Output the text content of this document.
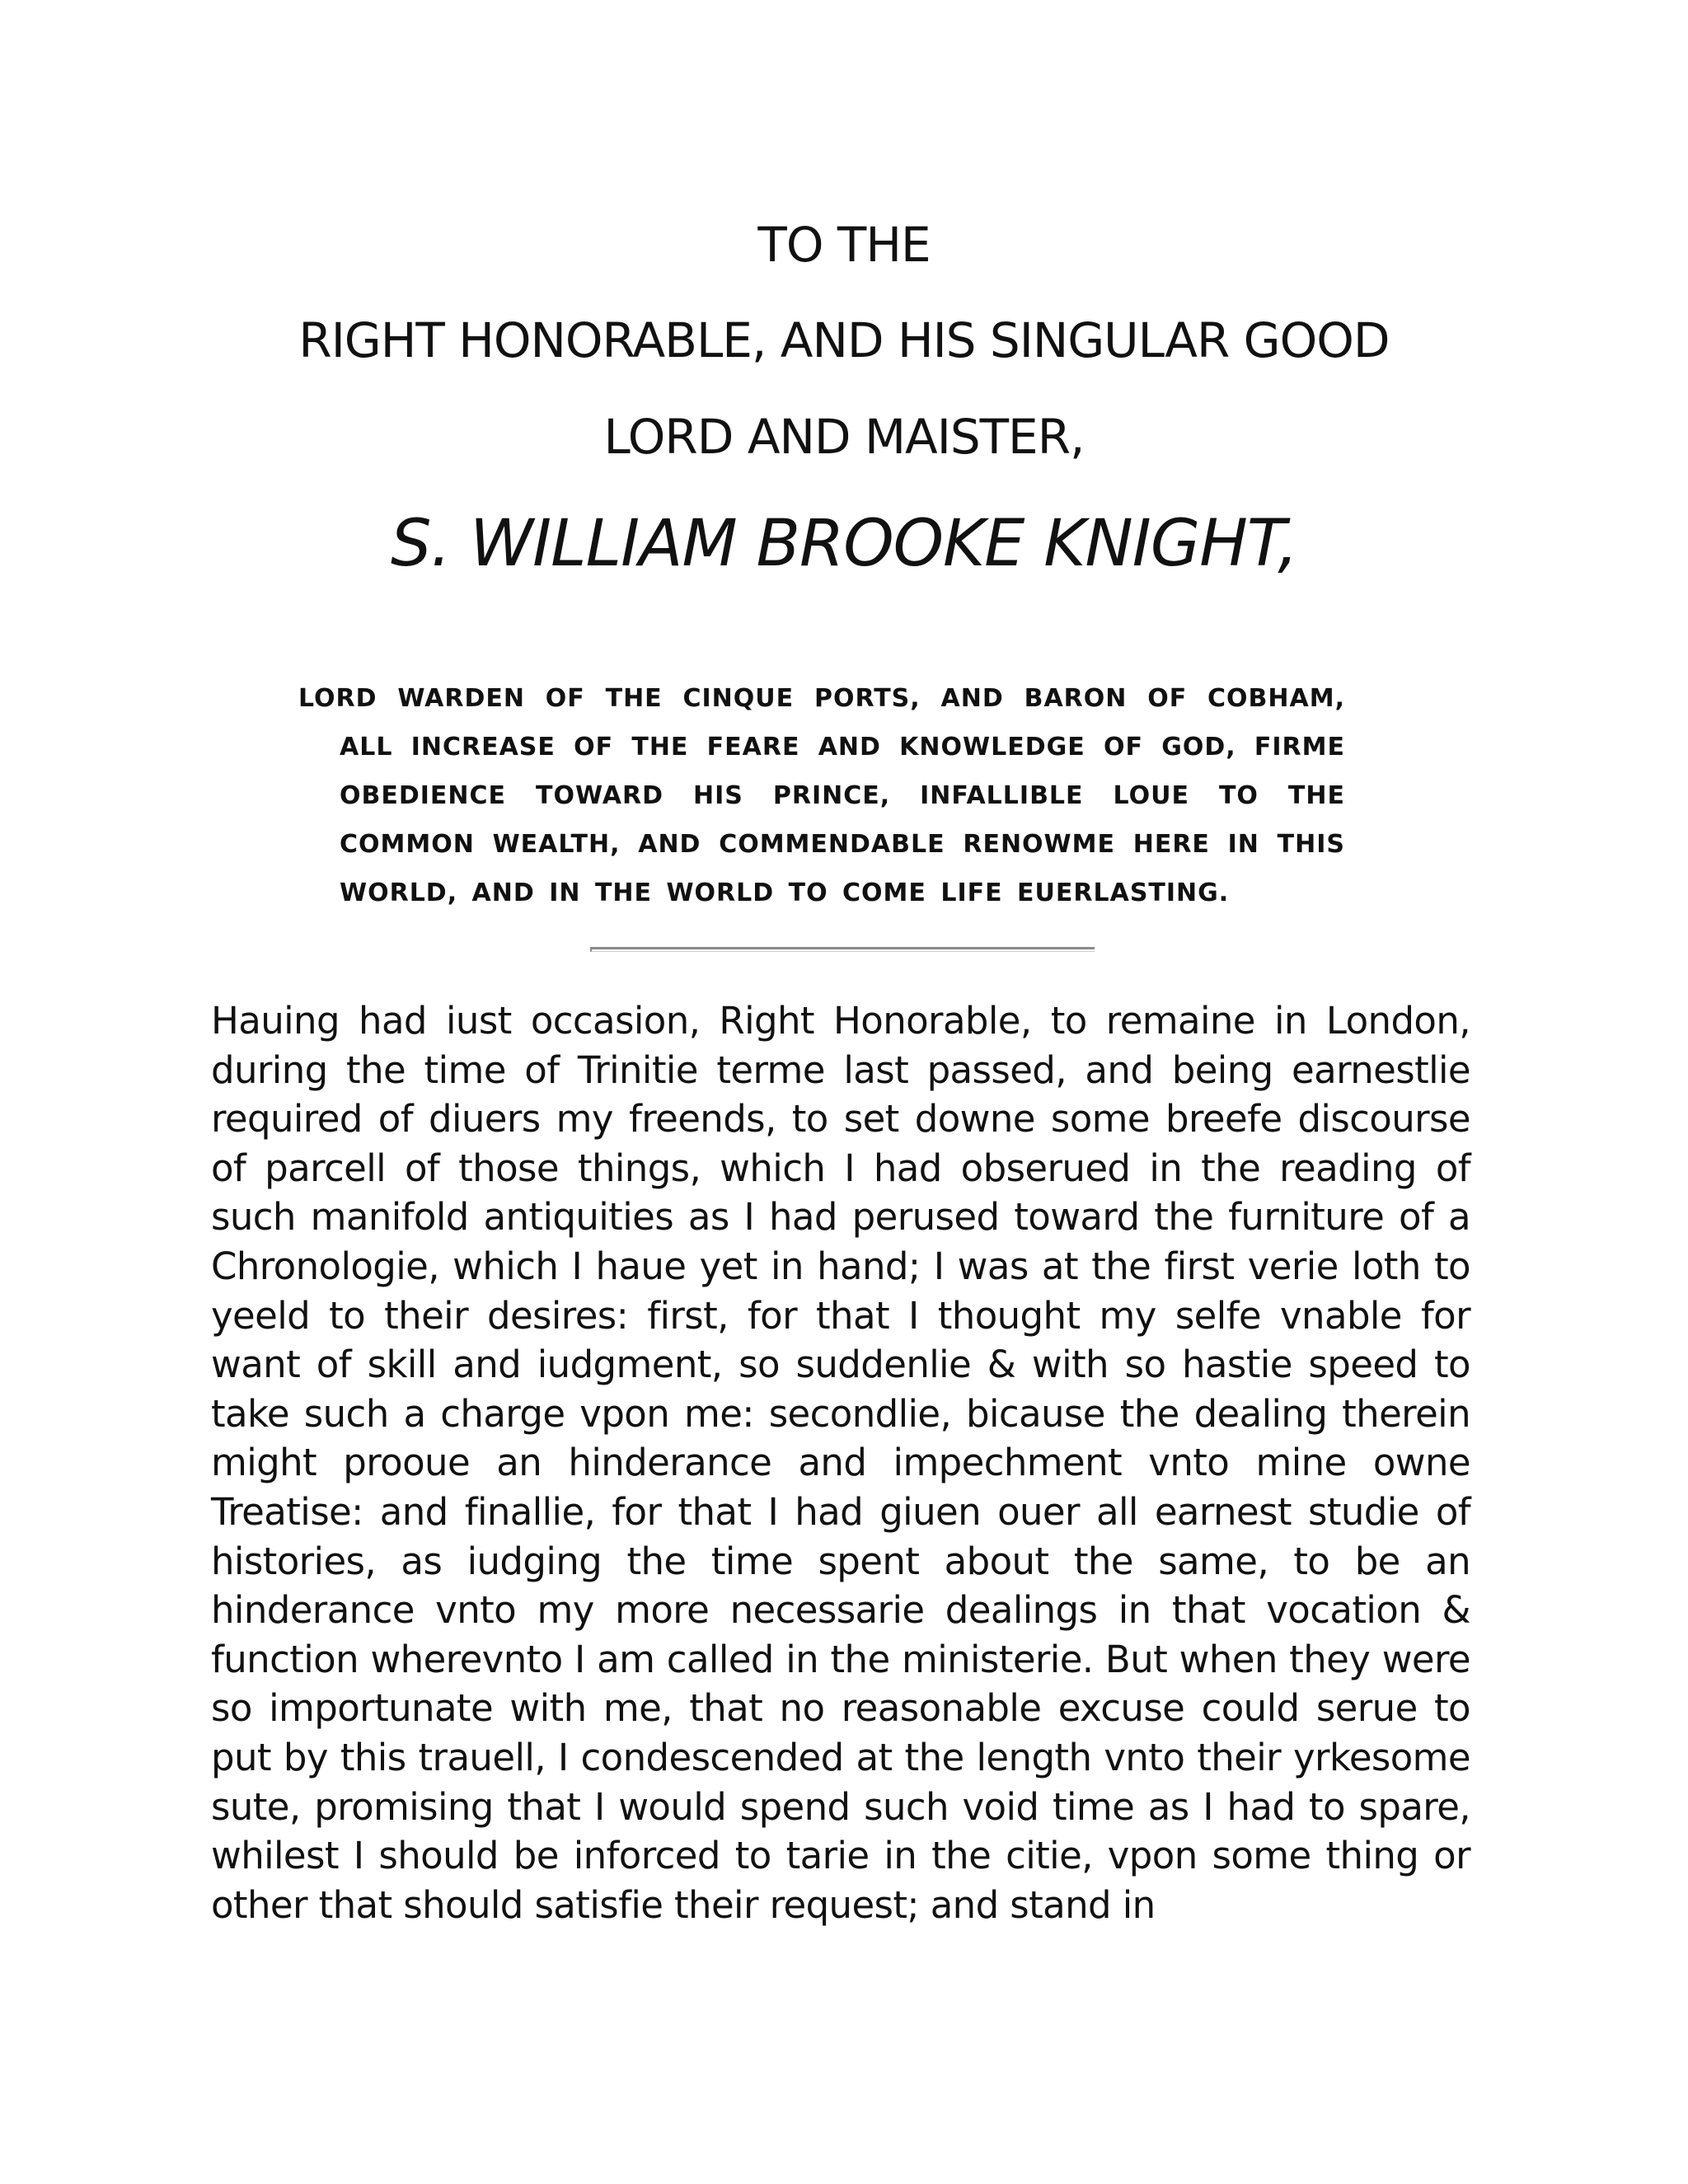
TO THE
RIGHT HONORABLE, AND HIS SINGULAR GOOD
LORD AND MAISTER,
S. WILLIAM BROOKE KNIGHT,
LORD WARDEN OF THE CINQUE PORTS, AND BARON OF COBHAM, ALL INCREASE OF THE FEARE AND KNOWLEDGE OF GOD, FIRME OBEDIENCE TOWARD HIS PRINCE, INFALLIBLE LOUE TO THE COMMON WEALTH, AND COMMENDABLE RENOWME HERE IN THIS WORLD, AND IN THE WORLD TO COME LIFE EUERLASTING.
Hauing had iust occasion, Right Honorable, to remaine in London, during the time of Trinitie terme last passed, and being earnestlie required of diuers my freends, to set downe some breefe discourse of parcell of those things, which I had obserued in the reading of such manifold antiquities as I had perused toward the furniture of a Chronologie, which I haue yet in hand; I was at the first verie loth to yeeld to their desires: first, for that I thought my selfe vnable for want of skill and iudgment, so suddenlie & with so hastie speed to take such a charge vpon me: secondlie, bicause the dealing therein might prooue an hinderance and impechment vnto mine owne Treatise: and finallie, for that I had giuen ouer all earnest studie of histories, as iudging the time spent about the same, to be an hinderance vnto my more necessarie dealings in that vocation & function wherevnto I am called in the ministerie. But when they were so importunate with me, that no reasonable excuse could serue to put by this trauell, I condescended at the length vnto their yrkesome sute, promising that I would spend such void time as I had to spare, whilest I should be inforced to tarie in the citie, vpon some thing or other that should satisfie their request; and stand in
